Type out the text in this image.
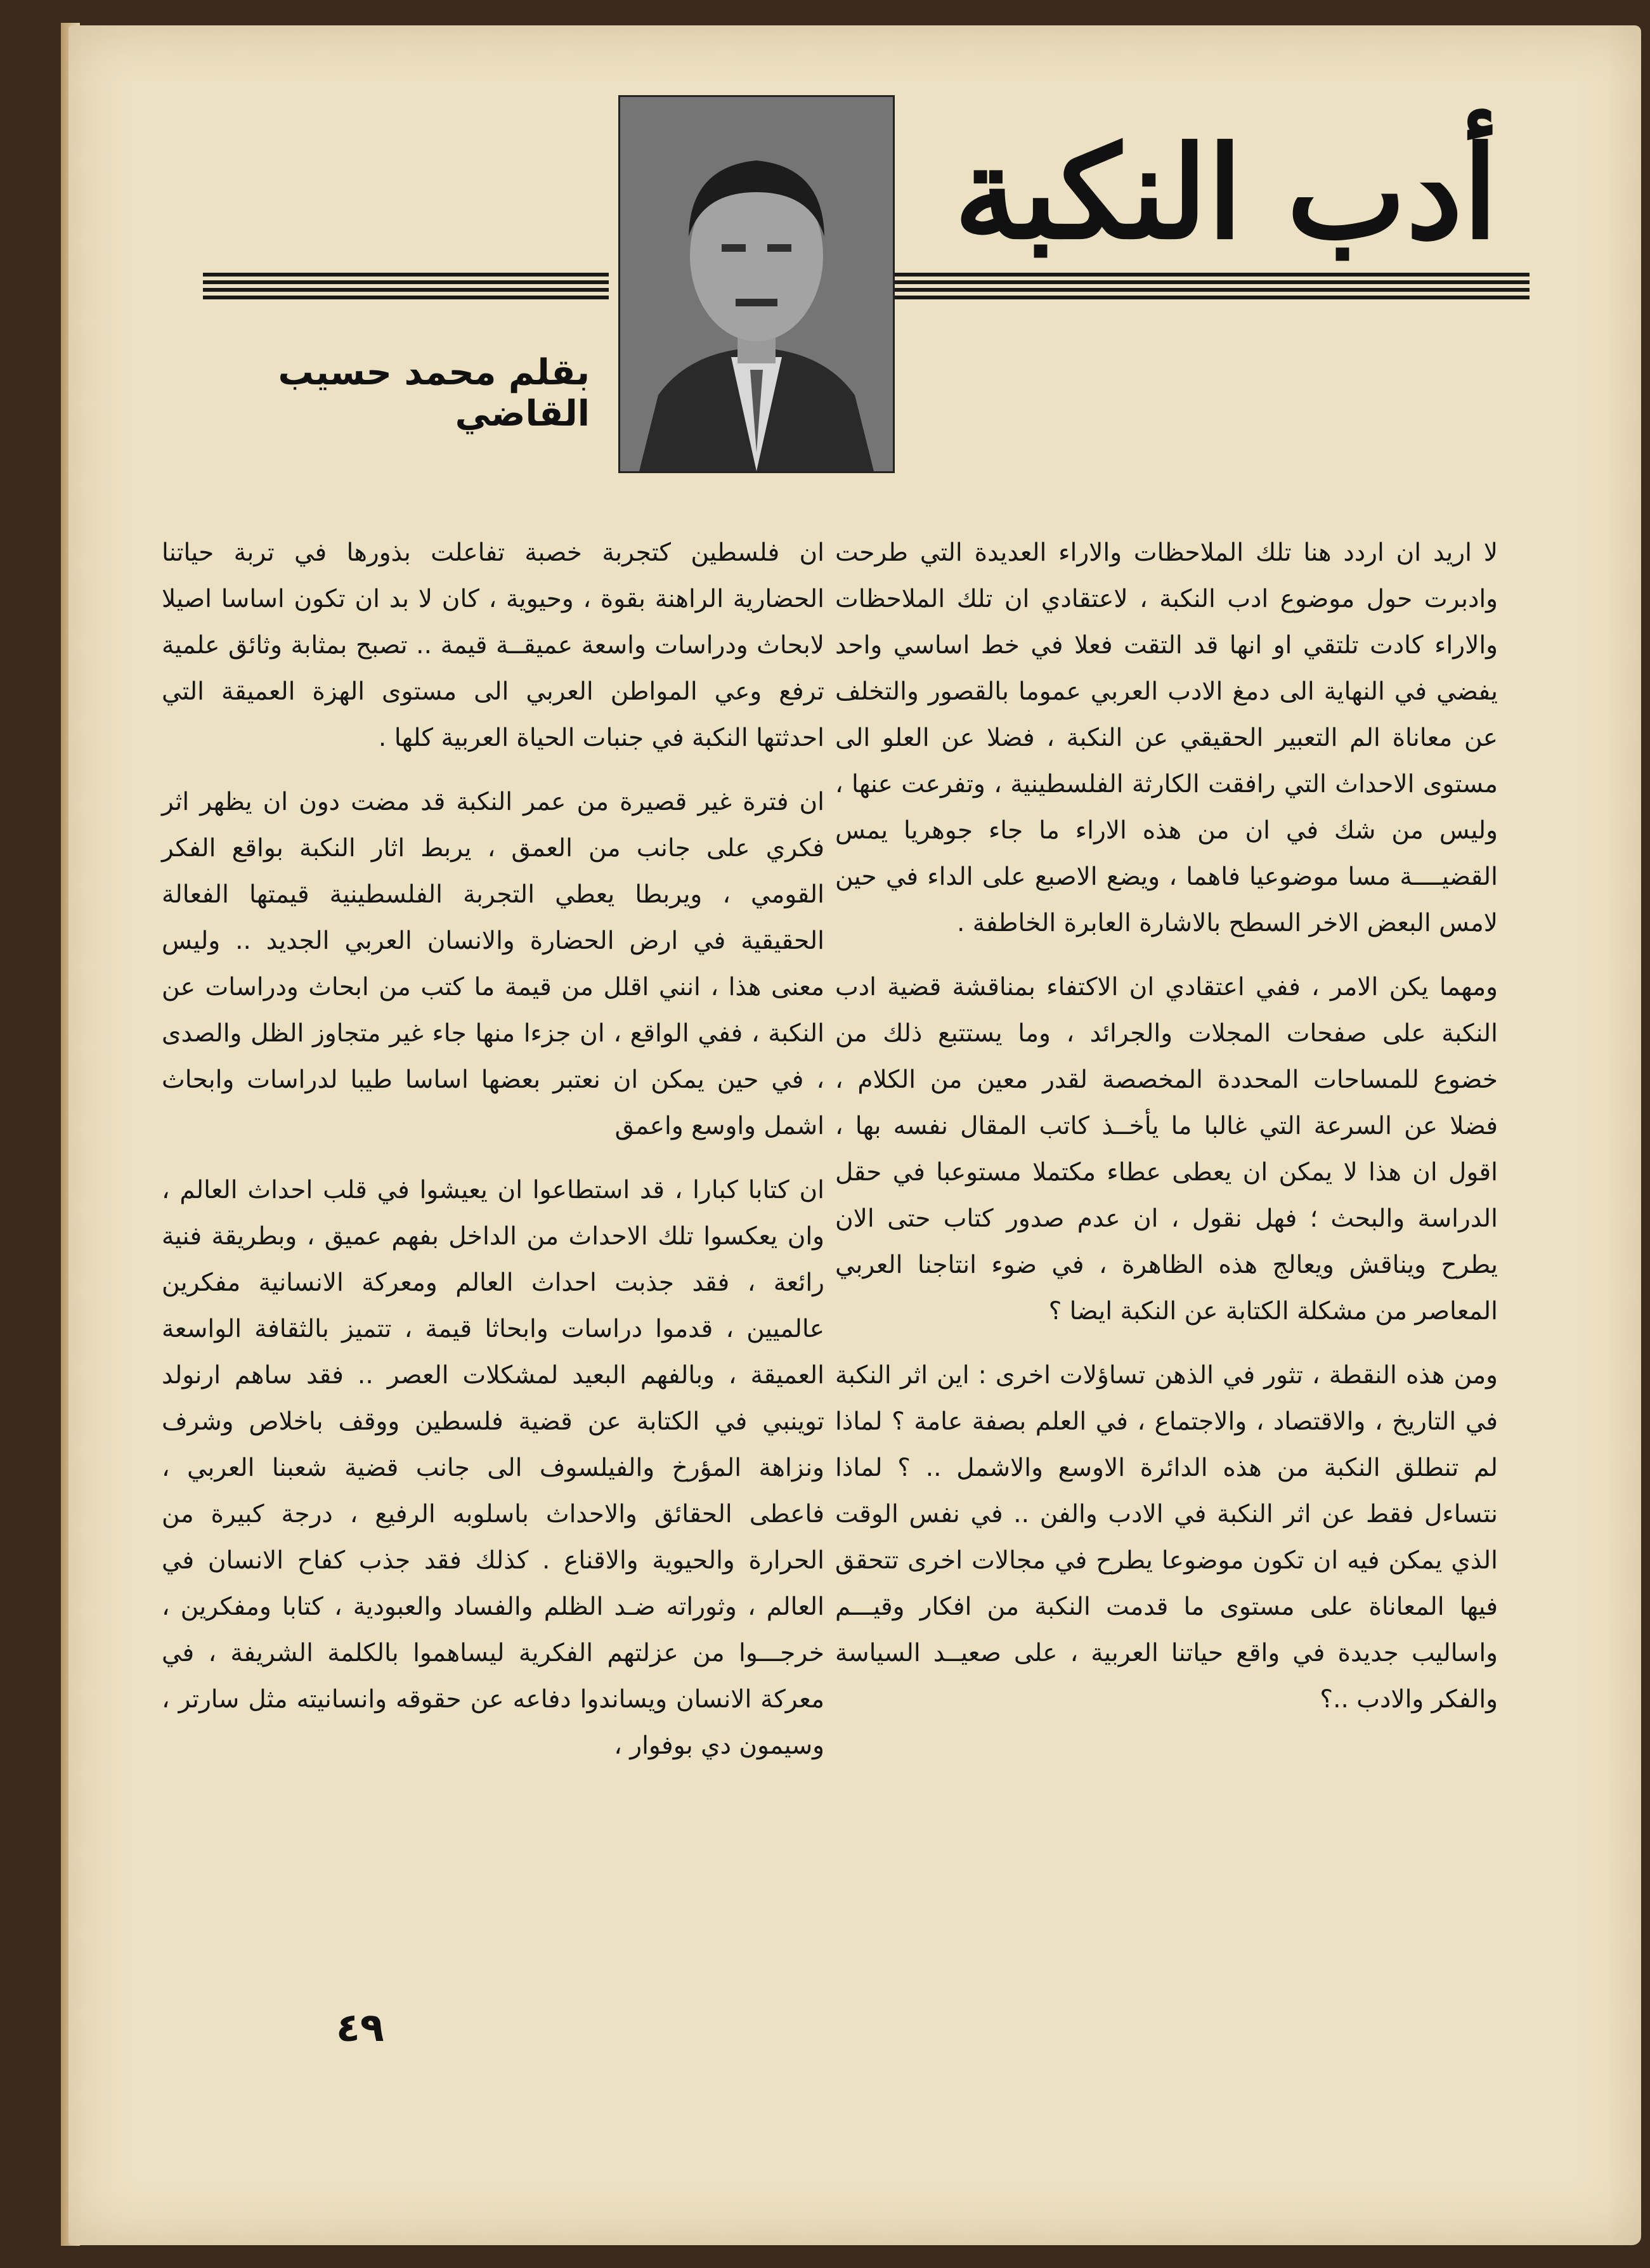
أدب النكبة

بقلم محمد حسيب القاضي

لا اريد ان اردد هنا تلك الملاحظات والاراء العديدة التي طرحت وادبرت حول موضوع ادب النكبة ، لاعتقادي ان تلك الملاحظات والاراء كادت تلتقي او انها قد التقت فعلا في خط اساسي واحد يفضي في النهاية الى دمغ الادب العربي عموما بالقصور والتخلف عن معاناة الم التعبير الحقيقي عن النكبة ، فضلا عن العلو الى مستوى الاحداث التي رافقت الكارثة الفلسطينية ، وتفرعت عنها ، وليس من شك في ان من هذه الاراء ما جاء جوهريا يمس القضيــــة مسا موضوعيا فاهما ، ويضع الاصبع على الداء في حين لامس البعض الاخر السطح بالاشارة العابرة الخاطفة .

ومهما يكن الامر ، ففي اعتقادي ان الاكتفاء بمناقشة قضية ادب النكبة على صفحات المجلات والجرائد ، وما يستتبع ذلك من خضوع للمساحات المحددة المخصصة لقدر معين من الكلام ، فضلا عن السرعة التي غالبا ما يأخــذ كاتب المقال نفسه بها ، اقول ان هذا لا يمكن ان يعطى عطاء مكتملا مستوعبا في حقل الدراسة والبحث ؛ فهل نقول ، ان عدم صدور كتاب حتى الان يطرح ويناقش ويعالج هذه الظاهرة ، في ضوء انتاجنا العربي المعاصر من مشكلة الكتابة عن النكبة ايضا ؟

ومن هذه النقطة ، تثور في الذهن تساؤلات اخرى : اين اثر النكبة في التاريخ ، والاقتصاد ، والاجتماع ، في العلم بصفة عامة ؟ لماذا لم تنطلق النكبة من هذه الدائرة الاوسع والاشمل .. ؟ لماذا نتساءل فقط عن اثر النكبة في الادب والفن .. في نفس الوقت الذي يمكن فيه ان تكون موضوعا يطرح في مجالات اخرى تتحقق فيها المعاناة على مستوى ما قدمت النكبة من افكار وقيـــم واساليب جديدة في واقع حياتنا العربية ، على صعيــد السياسة والفكر والادب ..؟

ان فلسطين كتجربة خصبة تفاعلت بذورها في تربة حياتنا الحضارية الراهنة بقوة ، وحيوية ، كان لا بد ان تكون اساسا اصيلا لابحاث ودراسات واسعة عميقــة قيمة .. تصبح بمثابة وثائق علمية ترفع وعي المواطن العربي الى مستوى الهزة العميقة التي احدثتها النكبة في جنبات الحياة العربية كلها .

ان فترة غير قصيرة من عمر النكبة قد مضت دون ان يظهر اثر فكري على جانب من العمق ، يربط اثار النكبة بواقع الفكر القومي ، ويربطا يعطي التجربة الفلسطينية قيمتها الفعالة الحقيقية في ارض الحضارة والانسان العربي الجديد .. وليس معنى هذا ، انني اقلل من قيمة ما كتب من ابحاث ودراسات عن النكبة ، ففي الواقع ، ان جزءا منها جاء غير متجاوز الظل والصدى ، في حين يمكن ان نعتبر بعضها اساسا طيبا لدراسات وابحاث اشمل واوسع واعمق

ان كتابا كبارا ، قد استطاعوا ان يعيشوا في قلب احداث العالم ، وان يعكسوا تلك الاحداث من الداخل بفهم عميق ، وبطريقة فنية رائعة ، فقد جذبت احداث العالم ومعركة الانسانية مفكرين عالميين ، قدموا دراسات وابحاثا قيمة ، تتميز بالثقافة الواسعة العميقة ، وبالفهم البعيد لمشكلات العصر .. فقد ساهم ارنولد توينبي في الكتابة عن قضية فلسطين ووقف باخلاص وشرف ونزاهة المؤرخ والفيلسوف الى جانب قضية شعبنا العربي ، فاعطى الحقائق والاحداث باسلوبه الرفيع ، درجة كبيرة من الحرارة والحيوية والاقناع . كذلك فقد جذب كفاح الانسان في العالم ، وثوراته ضـد الظلم والفساد والعبودية ، كتابا ومفكرين ، خرجـــوا من عزلتهم الفكرية ليساهموا بالكلمة الشريفة ، في معركة الانسان ويساندوا دفاعه عن حقوقه وانسانيته مثل سارتر ، وسيمون دي بوفوار ،

٤٩
